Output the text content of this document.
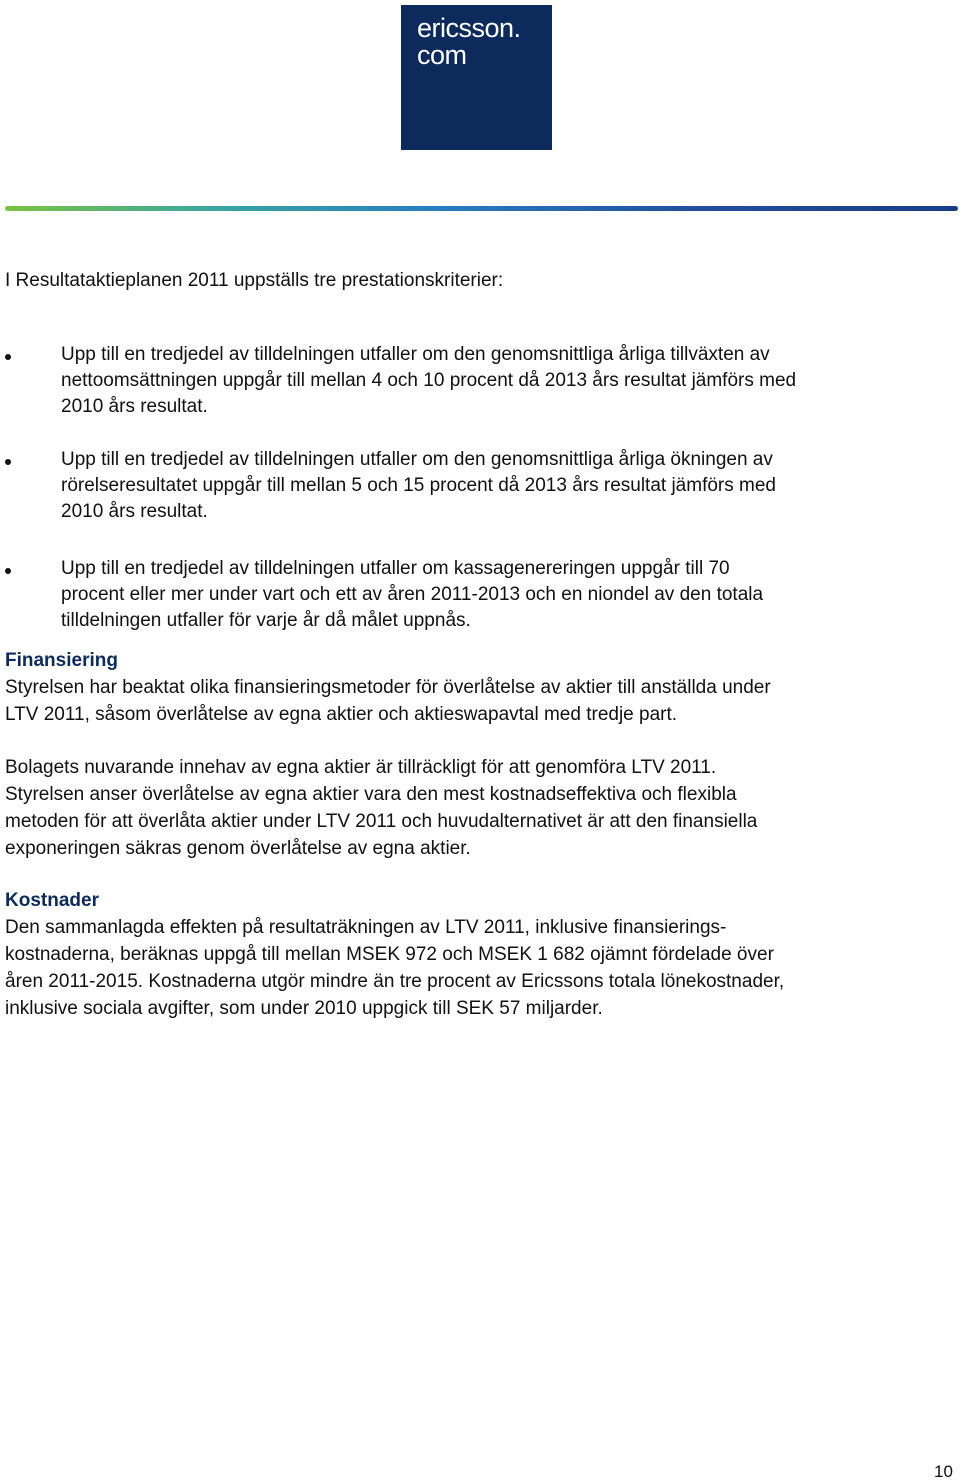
ericsson.
com

I Resultataktieplanen 2011 uppställs tre prestationskriterier:

Upp till en tredjedel av tilldelningen utfaller om den genomsnittliga årliga tillväxten av
nettoomsättningen uppgår till mellan 4 och 10 procent då 2013 års resultat jämförs med
2010 års resultat.
Upp till en tredjedel av tilldelningen utfaller om den genomsnittliga årliga ökningen av
rörelseresultatet uppgår till mellan 5 och 15 procent då 2013 års resultat jämförs med
2010 års resultat.
Upp till en tredjedel av tilldelningen utfaller om kassagenereringen uppgår till 70
procent eller mer under vart och ett av åren 2011-2013 och en niondel av den totala
tilldelningen utfaller för varje år då målet uppnås.
Finansiering
Styrelsen har beaktat olika finansieringsmetoder för överlåtelse av aktier till anställda under
LTV 2011, såsom överlåtelse av egna aktier och aktieswapavtal med tredje part.
Bolagets nuvarande innehav av egna aktier är tillräckligt för att genomföra LTV 2011.
Styrelsen anser överlåtelse av egna aktier vara den mest kostnadseffektiva och flexibla
metoden för att överlåta aktier under LTV 2011 och huvudalternativet är att den finansiella
exponeringen säkras genom överlåtelse av egna aktier.
Kostnader
Den sammanlagda effekten på resultaträkningen av LTV 2011, inklusive finansierings-
kostnaderna, beräknas uppgå till mellan MSEK 972 och MSEK 1 682 ojämnt fördelade över
åren 2011-2015. Kostnaderna utgör mindre än tre procent av Ericssons totala lönekostnader,
inklusive sociala avgifter, som under 2010 uppgick till SEK 57 miljarder.
10
